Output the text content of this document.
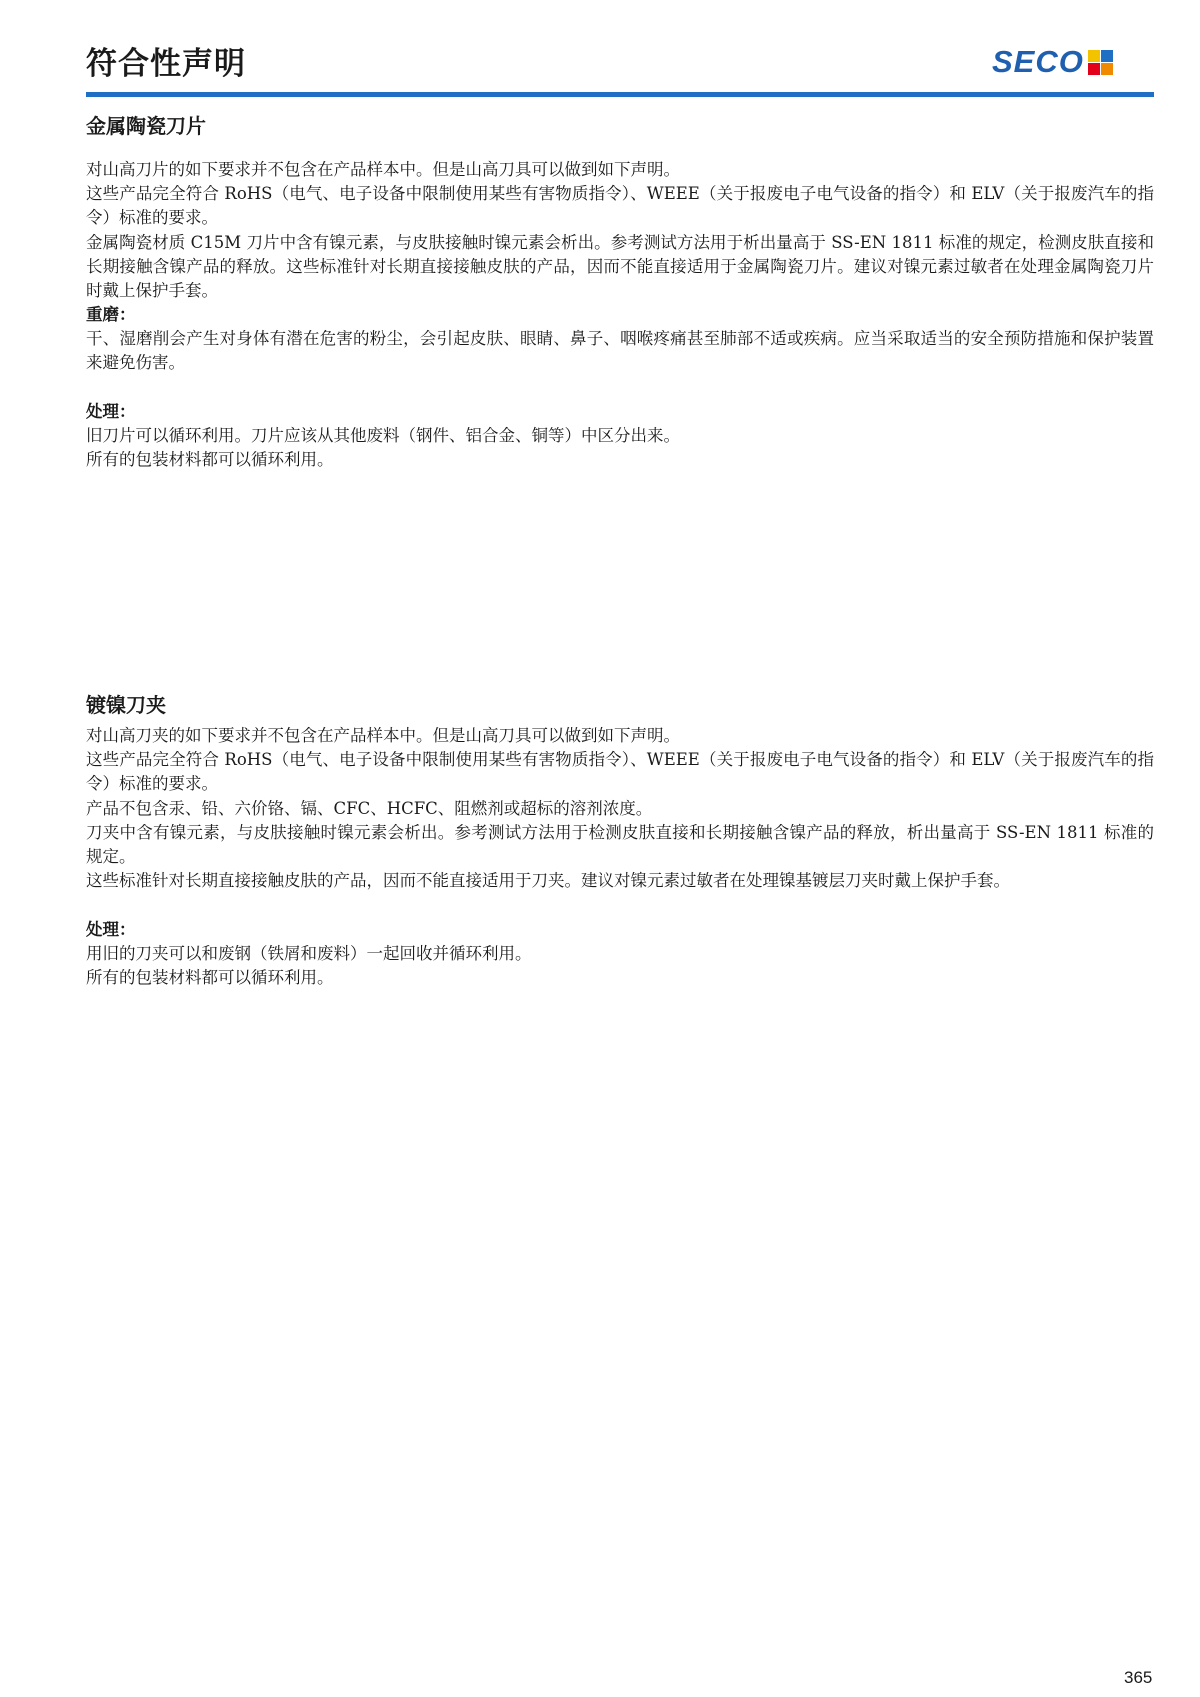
符合性声明	SECO
金属陶瓷刀片

对山高刀片的如下要求并不包含在产品样本中。但是山高刀具可以做到如下声明。

这些产品完全符合 RoHS（电气、电子设备中限制使用某些有害物质指令）、WEEE（关于报废电子电气设备的指令）和 ELV（关于报废汽车的指令）标准的要求。

金属陶瓷材质 C15M 刀片中含有镍元素，与皮肤接触时镍元素会析出。参考测试方法用于析出量高于 SS-EN 1811 标准的规定，检测皮肤直接和长期接触含镍产品的释放。这些标准针对长期直接接触皮肤的产品，因而不能直接适用于金属陶瓷刀片。建议对镍元素过敏者在处理金属陶瓷刀片时戴上保护手套。

重磨：

干、湿磨削会产生对身体有潜在危害的粉尘，会引起皮肤、眼睛、鼻子、咽喉疼痛甚至肺部不适或疾病。应当采取适当的安全预防措施和保护装置来避免伤害。

处理：

旧刀片可以循环利用。刀片应该从其他废料（钢件、铝合金、铜等）中区分出来。

所有的包装材料都可以循环利用。

镀镍刀夹

对山高刀夹的如下要求并不包含在产品样本中。但是山高刀具可以做到如下声明。

这些产品完全符合 RoHS（电气、电子设备中限制使用某些有害物质指令）、WEEE（关于报废电子电气设备的指令）和 ELV（关于报废汽车的指令）标准的要求。

产品不包含汞、铅、六价铬、镉、CFC、HCFC、阻燃剂或超标的溶剂浓度。

刀夹中含有镍元素，与皮肤接触时镍元素会析出。参考测试方法用于检测皮肤直接和长期接触含镍产品的释放，析出量高于 SS-EN 1811 标准的规定。

这些标准针对长期直接接触皮肤的产品，因而不能直接适用于刀夹。建议对镍元素过敏者在处理镍基镀层刀夹时戴上保护手套。

处理：

用旧的刀夹可以和废钢（铁屑和废料）一起回收并循环利用。

所有的包装材料都可以循环利用。

365
